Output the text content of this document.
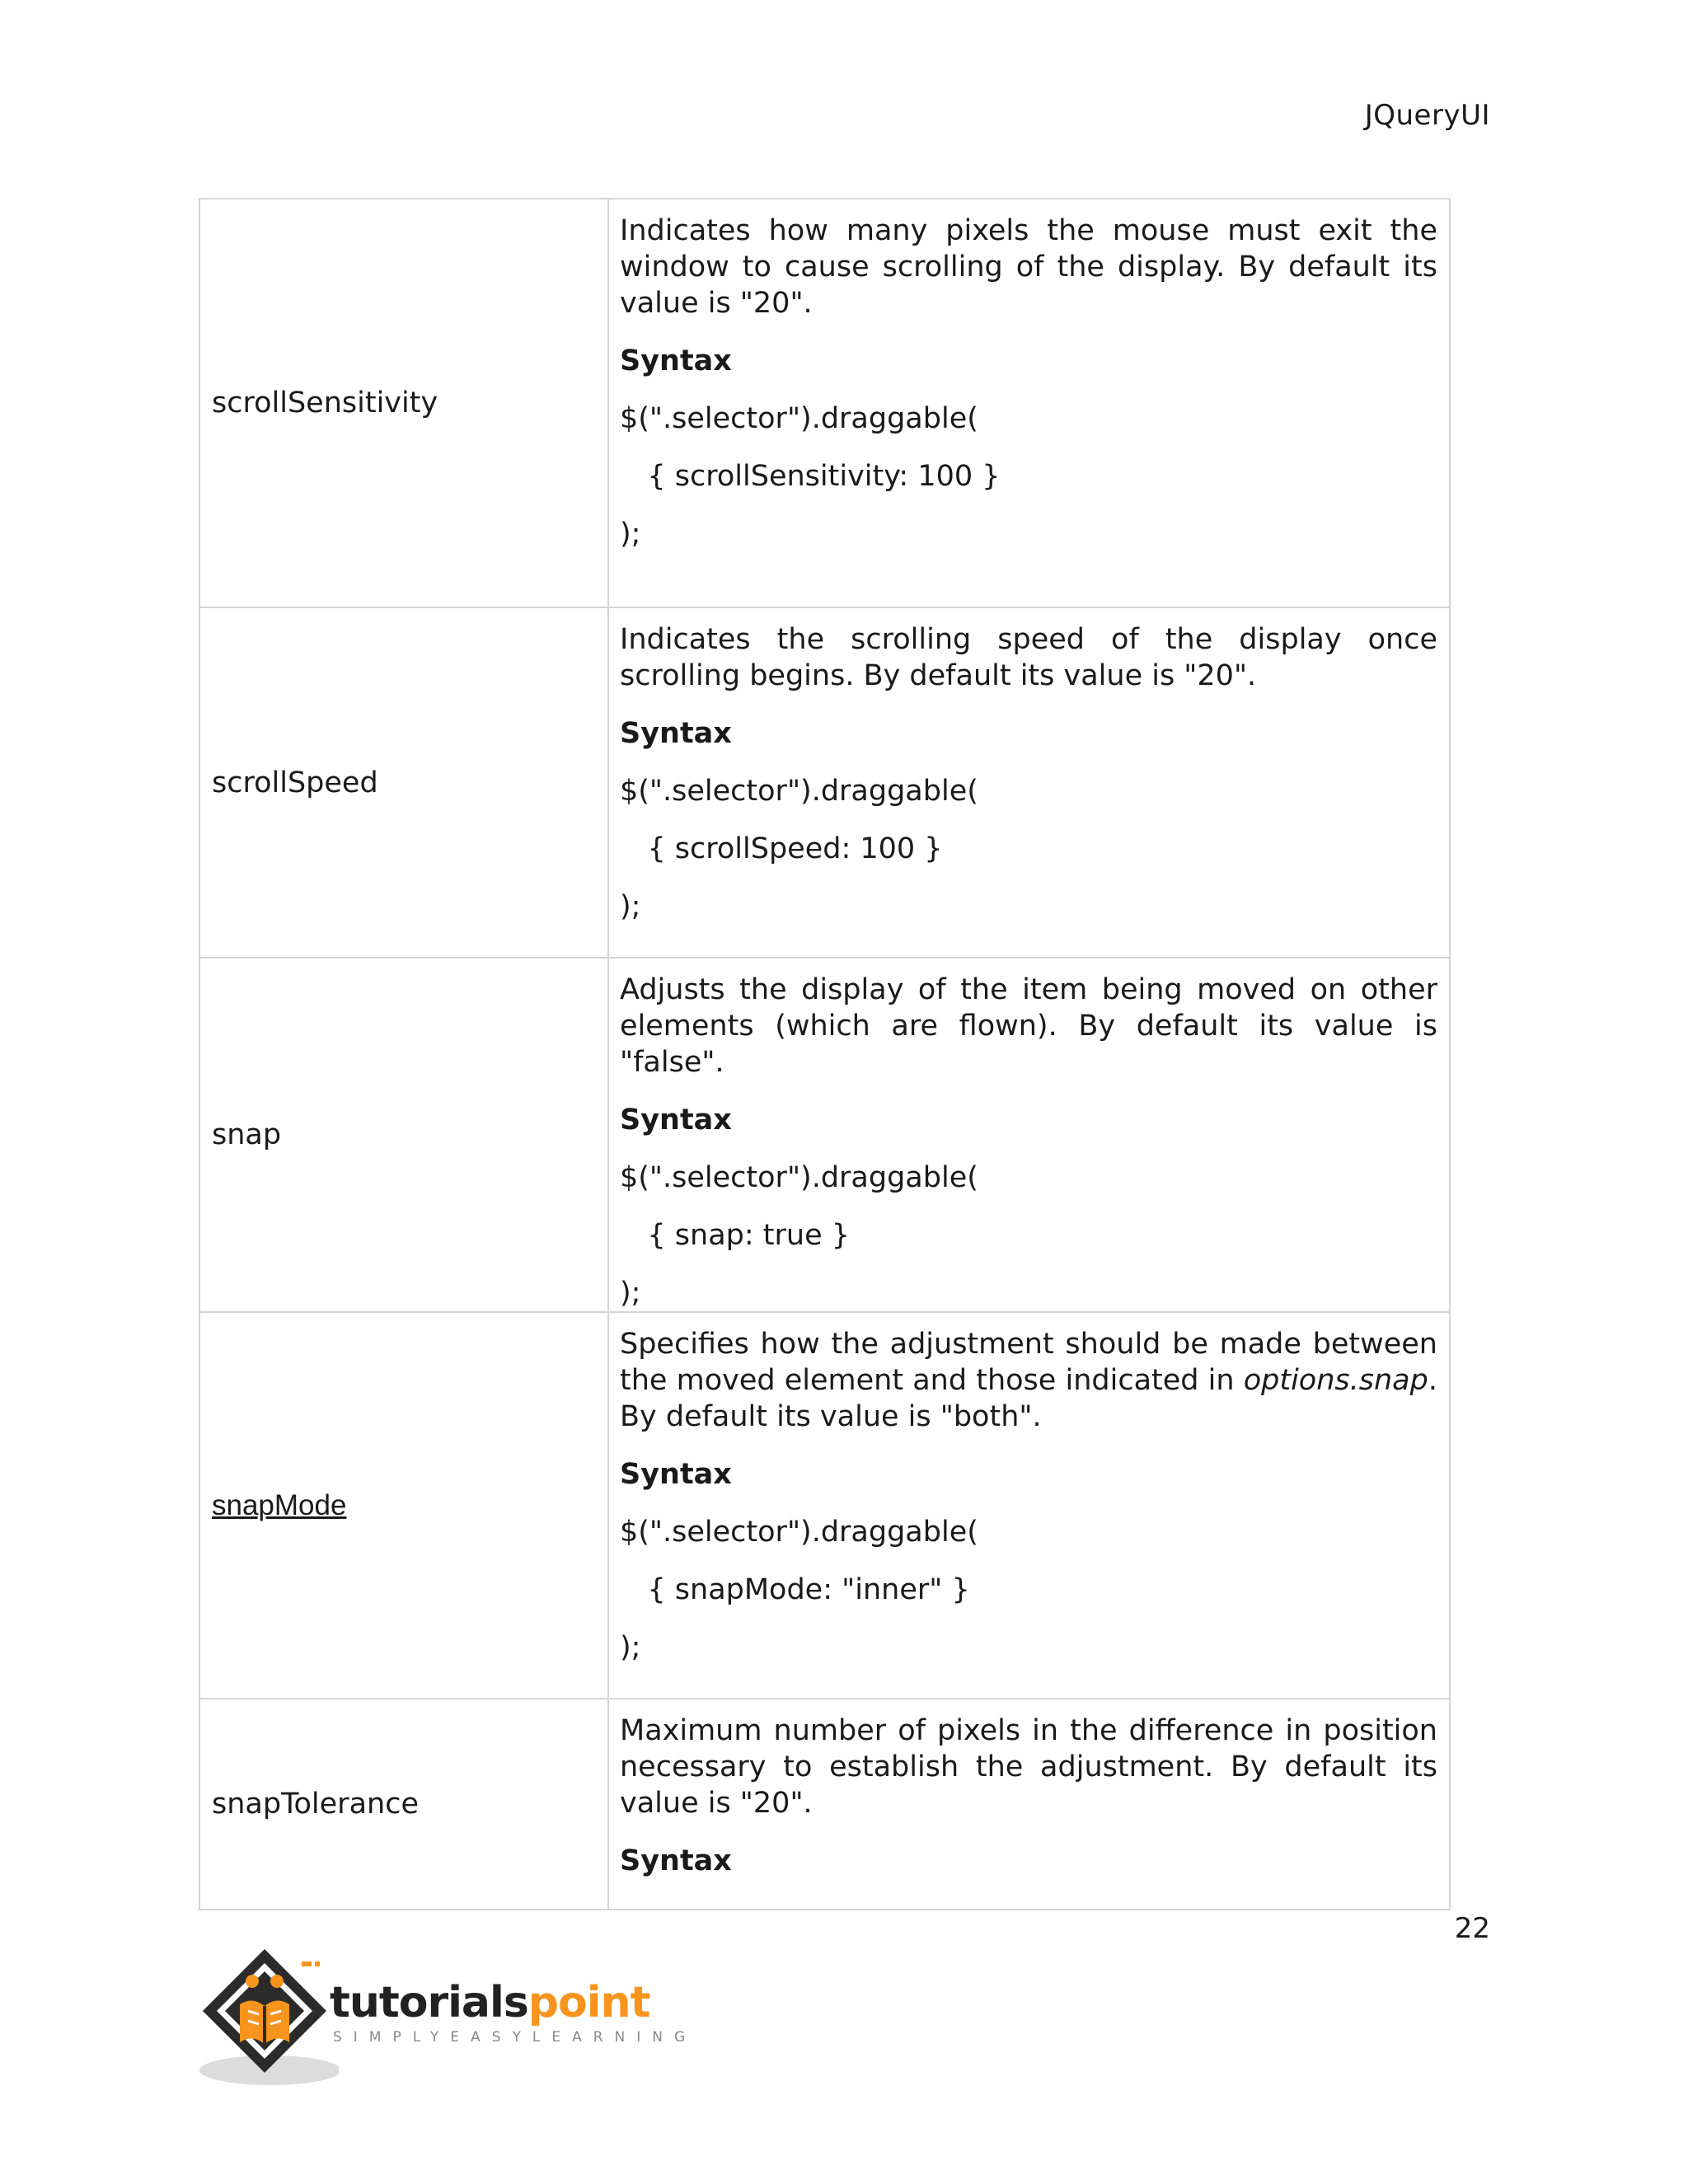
JQueryUI
scrollSensitivity	Indicates how many pixels the mouse must exit the window to cause scrolling of the display. By default its value is "20".

Syntax

$(".selector").draggable(

{ scrollSensitivity: 100 }

);

scrollSpeed	Indicates the scrolling speed of the display once scrolling begins. By default its value is "20".

Syntax

$(".selector").draggable(

{ scrollSpeed: 100 }

);

snap	Adjusts the display of the item being moved on other elements (which are flown). By default its value is "false".

Syntax

$(".selector").draggable(

{ snap: true }

);

snapMode	Specifies how the adjustment should be made between the moved element and those indicated in options.snap. By default its value is "both".

Syntax

$(".selector").draggable(

{ snapMode: "inner" }

);

snapTolerance	Maximum number of pixels in the difference in position necessary to establish the adjustment. By default its value is "20".

Syntax

22
tutorialspoint
SIMPLYEASYLEARNING
